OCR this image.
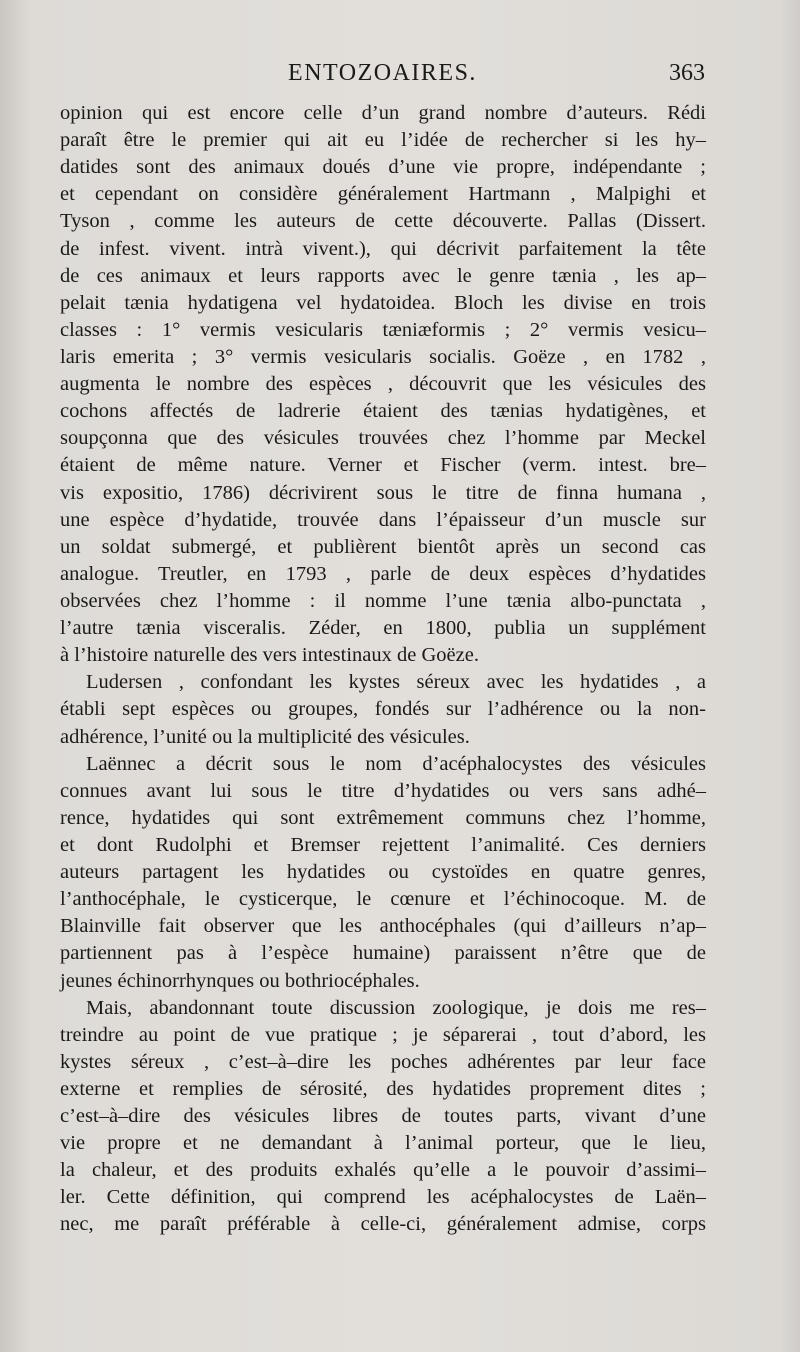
ENTOZOAIRES.	363
opinion qui est encore celle d’un grand nombre d’auteurs. Rédi
paraît être le premier qui ait eu l’idée de rechercher si les hy–
datides sont des animaux doués d’une vie propre, indépendante ;
et cependant on considère généralement Hartmann , Malpighi et
Tyson , comme les auteurs de cette découverte. Pallas (Dissert.
de infest. vivent. intrà vivent.), qui décrivit parfaitement la tête
de ces animaux et leurs rapports avec le genre tænia , les ap–
pelait tænia hydatigena vel hydatoidea. Bloch les divise en trois
classes : 1° vermis vesicularis tæniæformis ; 2° vermis vesicu–
laris emerita ; 3° vermis vesicularis socialis. Goëze , en 1782 ,
augmenta le nombre des espèces , découvrit que les vésicules des
cochons affectés de ladrerie étaient des tænias hydatigènes, et
soupçonna que des vésicules trouvées chez l’homme par Meckel
étaient de même nature. Verner et Fischer (verm. intest. bre–
vis expositio, 1786) décrivirent sous le titre de finna humana ,
une espèce d’hydatide, trouvée dans l’épaisseur d’un muscle sur
un soldat submergé, et publièrent bientôt après un second cas
analogue. Treutler, en 1793 , parle de deux espèces d’hydatides
observées chez l’homme : il nomme l’une tænia albo-punctata ,
l’autre tænia visceralis. Zéder, en 1800, publia un supplément
à l’histoire naturelle des vers intestinaux de Goëze.
Ludersen , confondant les kystes séreux avec les hydatides , a
établi sept espèces ou groupes, fondés sur l’adhérence ou la non-
adhérence, l’unité ou la multiplicité des vésicules.
Laënnec a décrit sous le nom d’acéphalocystes des vésicules
connues avant lui sous le titre d’hydatides ou vers sans adhé–
rence, hydatides qui sont extrêmement communs chez l’homme,
et dont Rudolphi et Bremser rejettent l’animalité. Ces derniers
auteurs partagent les hydatides ou cystoïdes en quatre genres,
l’anthocéphale, le cysticerque, le cœnure et l’échinocoque. M. de
Blainville fait observer que les anthocéphales (qui d’ailleurs n’ap–
partiennent pas à l’espèce humaine) paraissent n’être que de
jeunes échinorrhynques ou bothriocéphales.
Mais, abandonnant toute discussion zoologique, je dois me res–
treindre au point de vue pratique ; je séparerai , tout d’abord, les
kystes séreux , c’est–à–dire les poches adhérentes par leur face
externe et remplies de sérosité, des hydatides proprement dites ;
c’est–à–dire des vésicules libres de toutes parts, vivant d’une
vie propre et ne demandant à l’animal porteur, que le lieu,
la chaleur, et des produits exhalés qu’elle a le pouvoir d’assimi–
ler. Cette définition, qui comprend les acéphalocystes de Laën–
nec, me paraît préférable à celle-ci, généralement admise, corps
